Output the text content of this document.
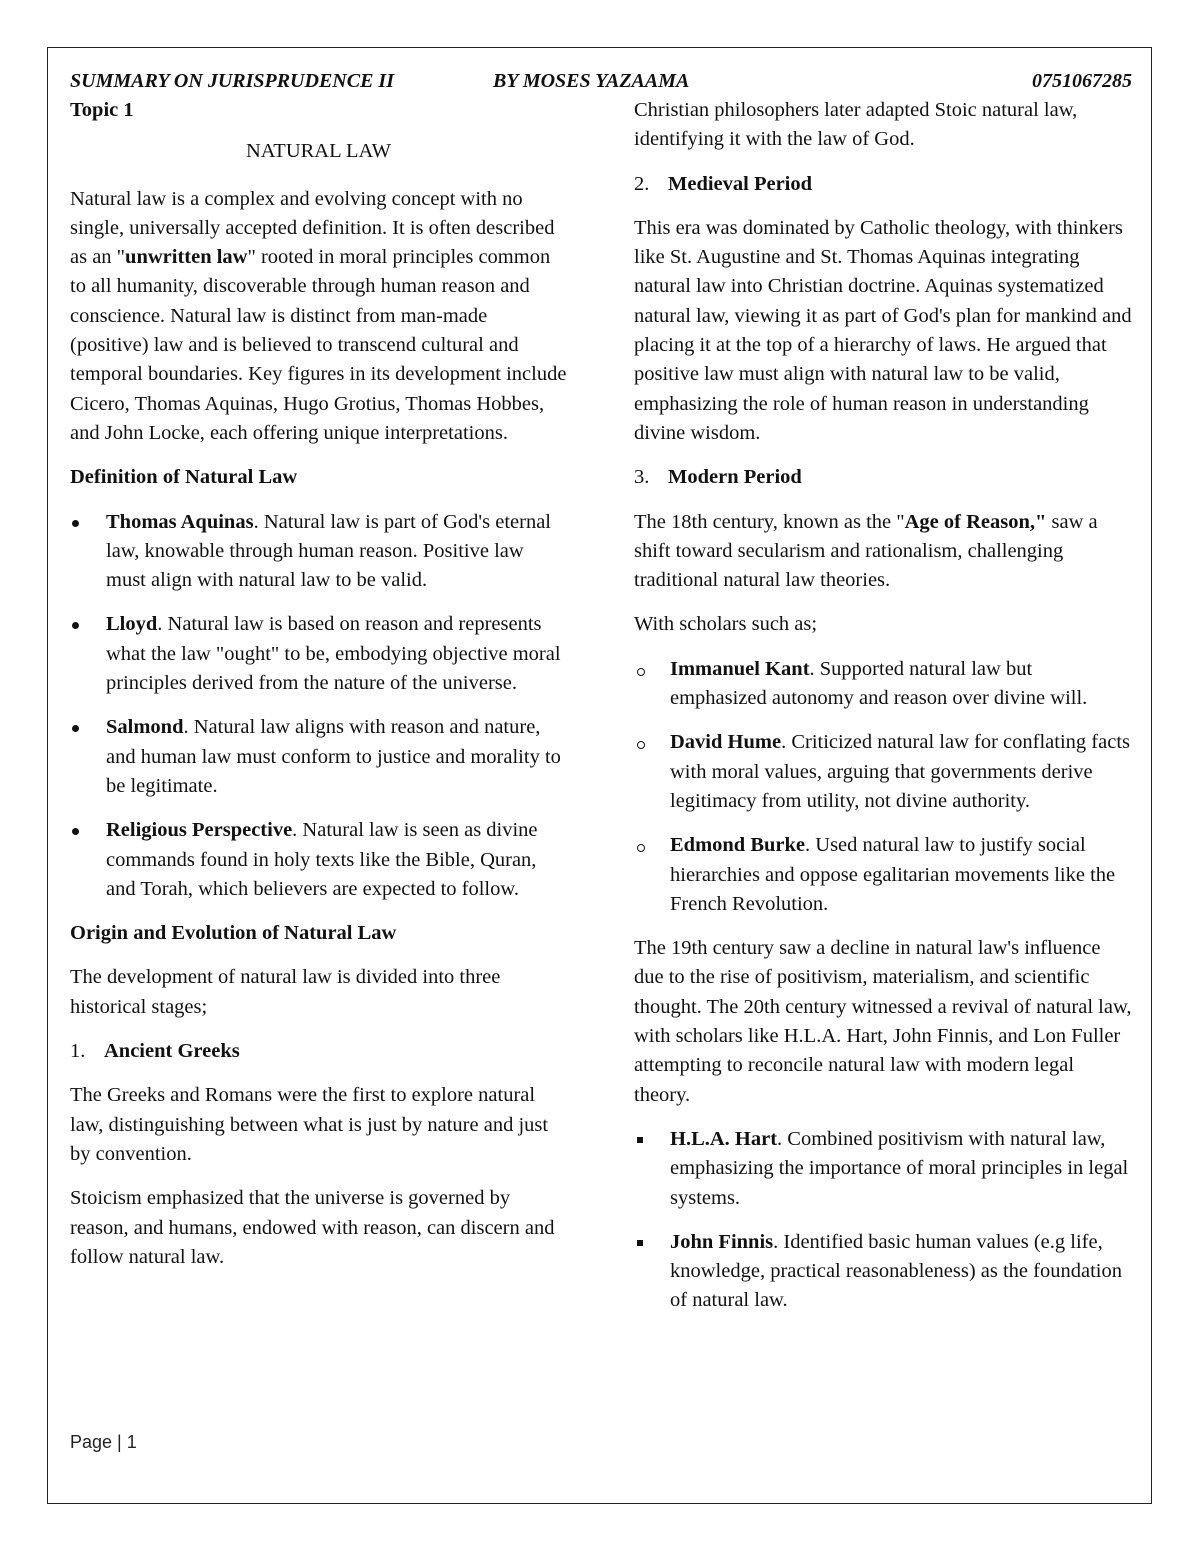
SUMMARY ON JURISPRUDENCE II	BY MOSES YAZAAMA	0751067285

Topic 1

NATURAL LAW

Natural law is a complex and evolving concept with no single, universally accepted definition. It is often described as an "unwritten law" rooted in moral principles common to all humanity, discoverable through human reason and conscience. Natural law is distinct from man-made (positive) law and is believed to transcend cultural and temporal boundaries. Key figures in its development include Cicero, Thomas Aquinas, Hugo Grotius, Thomas Hobbes, and John Locke, each offering unique interpretations.

Definition of Natural Law

Thomas Aquinas. Natural law is part of God's eternal law, knowable through human reason. Positive law must align with natural law to be valid.
Lloyd. Natural law is based on reason and represents what the law "ought" to be, embodying objective moral principles derived from the nature of the universe.
Salmond. Natural law aligns with reason and nature, and human law must conform to justice and morality to be legitimate.
Religious Perspective. Natural law is seen as divine commands found in holy texts like the Bible, Quran, and Torah, which believers are expected to follow.

Origin and Evolution of Natural Law

The development of natural law is divided into three historical stages;

1. Ancient Greeks

The Greeks and Romans were the first to explore natural law, distinguishing between what is just by nature and just by convention.

Stoicism emphasized that the universe is governed by reason, and humans, endowed with reason, can discern and follow natural law.

Christian philosophers later adapted Stoic natural law, identifying it with the law of God.

2. Medieval Period

This era was dominated by Catholic theology, with thinkers like St. Augustine and St. Thomas Aquinas integrating natural law into Christian doctrine. Aquinas systematized natural law, viewing it as part of God's plan for mankind and placing it at the top of a hierarchy of laws. He argued that positive law must align with natural law to be valid, emphasizing the role of human reason in understanding divine wisdom.

3. Modern Period

The 18th century, known as the "Age of Reason," saw a shift toward secularism and rationalism, challenging traditional natural law theories.

With scholars such as;

Immanuel Kant. Supported natural law but emphasized autonomy and reason over divine will.
David Hume. Criticized natural law for conflating facts with moral values, arguing that governments derive legitimacy from utility, not divine authority.
Edmond Burke. Used natural law to justify social hierarchies and oppose egalitarian movements like the French Revolution.

The 19th century saw a decline in natural law's influence due to the rise of positivism, materialism, and scientific thought. The 20th century witnessed a revival of natural law, with scholars like H.L.A. Hart, John Finnis, and Lon Fuller attempting to reconcile natural law with modern legal theory.

H.L.A. Hart. Combined positivism with natural law, emphasizing the importance of moral principles in legal systems.
John Finnis. Identified basic human values (e.g life, knowledge, practical reasonableness) as the foundation of natural law.
Page | 1
